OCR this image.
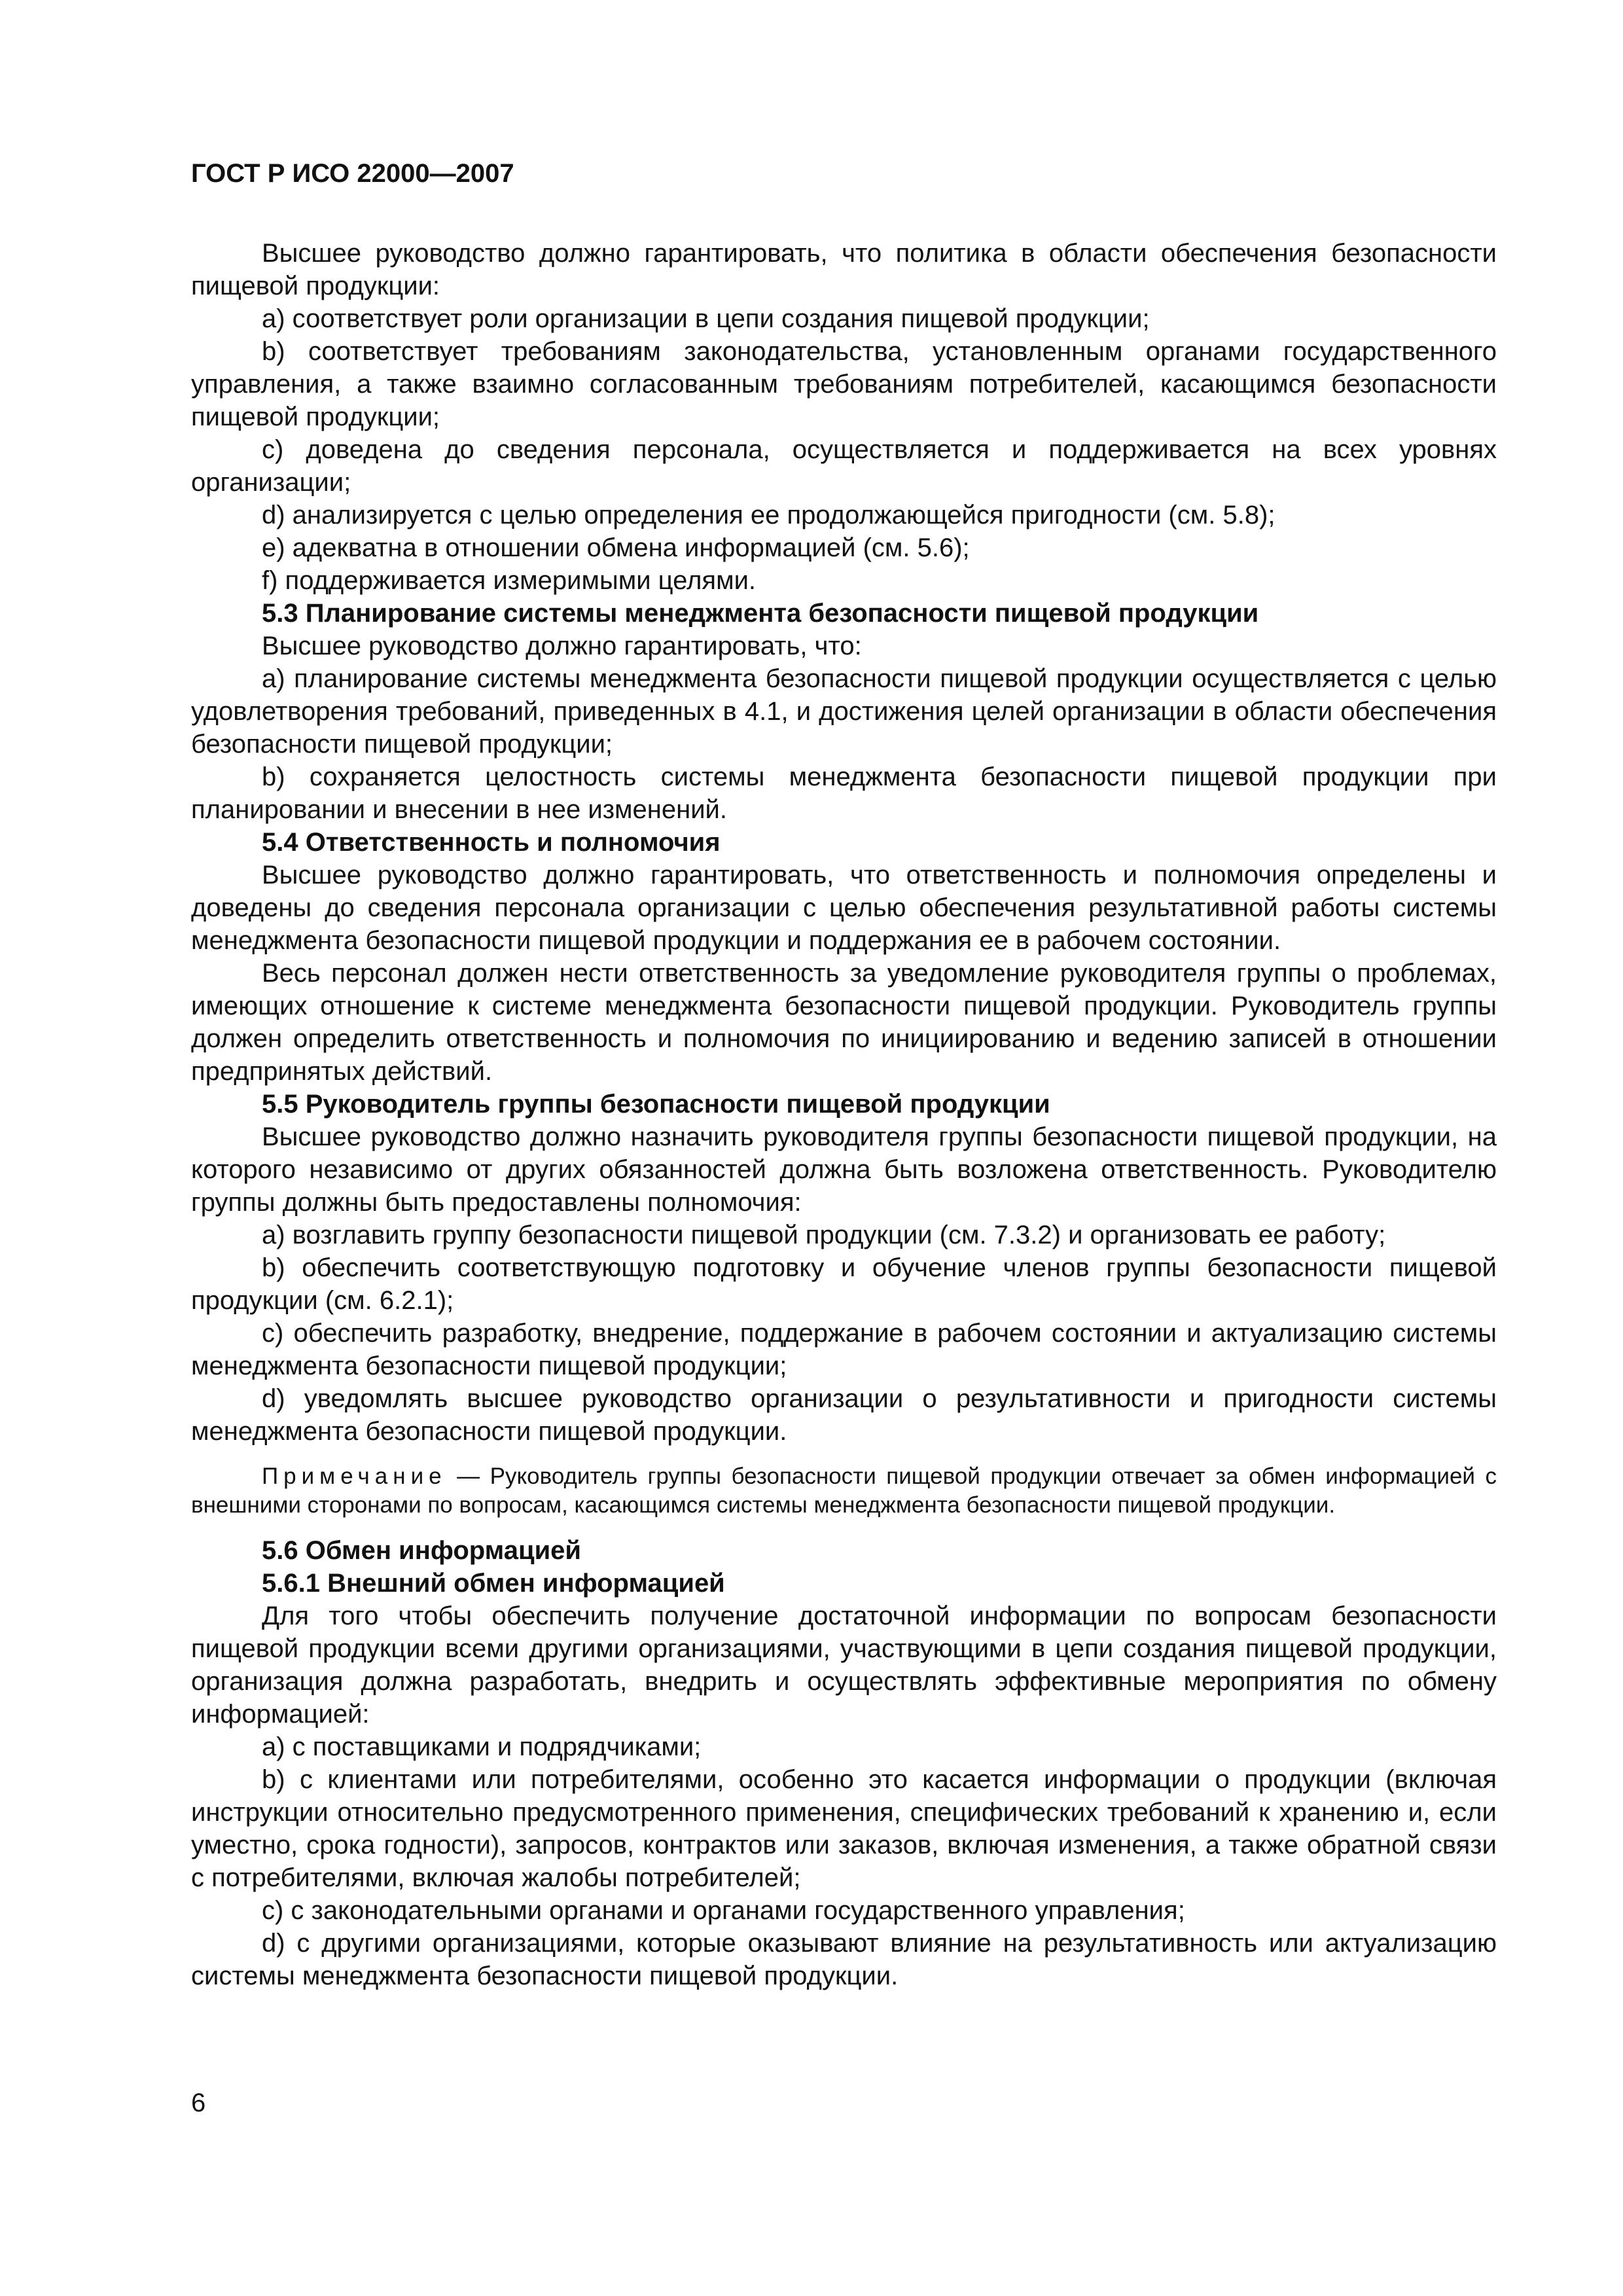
ГОСТ Р ИСО 22000—2007

Высшее руководство должно гарантировать, что политика в области обеспечения безопасности пищевой продукции:

a) соответствует роли организации в цепи создания пищевой продукции;

b) соответствует требованиям законодательства, установленным органами государственного управления, а также взаимно согласованным требованиям потребителей, касающимся безопасности пищевой продукции;

c) доведена до сведения персонала, осуществляется и поддерживается на всех уровнях организации;

d) анализируется с целью определения ее продолжающейся пригодности (см. 5.8);

e) адекватна в отношении обмена информацией (см. 5.6);

f) поддерживается измеримыми целями.

5.3 Планирование системы менеджмента безопасности пищевой продукции

Высшее руководство должно гарантировать, что:

a) планирование системы менеджмента безопасности пищевой продукции осуществляется с целью удовлетворения требований, приведенных в 4.1, и достижения целей организации в области обеспечения безопасности пищевой продукции;

b) сохраняется целостность системы менеджмента безопасности пищевой продукции при планировании и внесении в нее изменений.

5.4 Ответственность и полномочия

Высшее руководство должно гарантировать, что ответственность и полномочия определены и доведены до сведения персонала организации с целью обеспечения результативной работы системы менеджмента безопасности пищевой продукции и поддержания ее в рабочем состоянии.

Весь персонал должен нести ответственность за уведомление руководителя группы о проблемах, имеющих отношение к системе менеджмента безопасности пищевой продукции. Руководитель группы должен определить ответственность и полномочия по инициированию и ведению записей в отношении предпринятых действий.

5.5 Руководитель группы безопасности пищевой продукции

Высшее руководство должно назначить руководителя группы безопасности пищевой продукции, на которого независимо от других обязанностей должна быть возложена ответственность. Руководителю группы должны быть предоставлены полномочия:

a) возглавить группу безопасности пищевой продукции (см. 7.3.2) и организовать ее работу;

b) обеспечить соответствующую подготовку и обучение членов группы безопасности пищевой продукции (см. 6.2.1);

c) обеспечить разработку, внедрение, поддержание в рабочем состоянии и актуализацию системы менеджмента безопасности пищевой продукции;

d) уведомлять высшее руководство организации о результативности и пригодности системы менеджмента безопасности пищевой продукции.

Примечание — Руководитель группы безопасности пищевой продукции отвечает за обмен информацией с внешними сторонами по вопросам, касающимся системы менеджмента безопасности пищевой продукции.

5.6 Обмен информацией

5.6.1 Внешний обмен информацией

Для того чтобы обеспечить получение достаточной информации по вопросам безопасности пищевой продукции всеми другими организациями, участвующими в цепи создания пищевой продукции, организация должна разработать, внедрить и осуществлять эффективные мероприятия по обмену информацией:

a) с поставщиками и подрядчиками;

b) с клиентами или потребителями, особенно это касается информации о продукции (включая инструкции относительно предусмотренного применения, специфических требований к хранению и, если уместно, срока годности), запросов, контрактов или заказов, включая изменения, а также обратной связи с потребителями, включая жалобы потребителей;

c) с законодательными органами и органами государственного управления;

d) с другими организациями, которые оказывают влияние на результативность или актуализацию системы менеджмента безопасности пищевой продукции.

6
